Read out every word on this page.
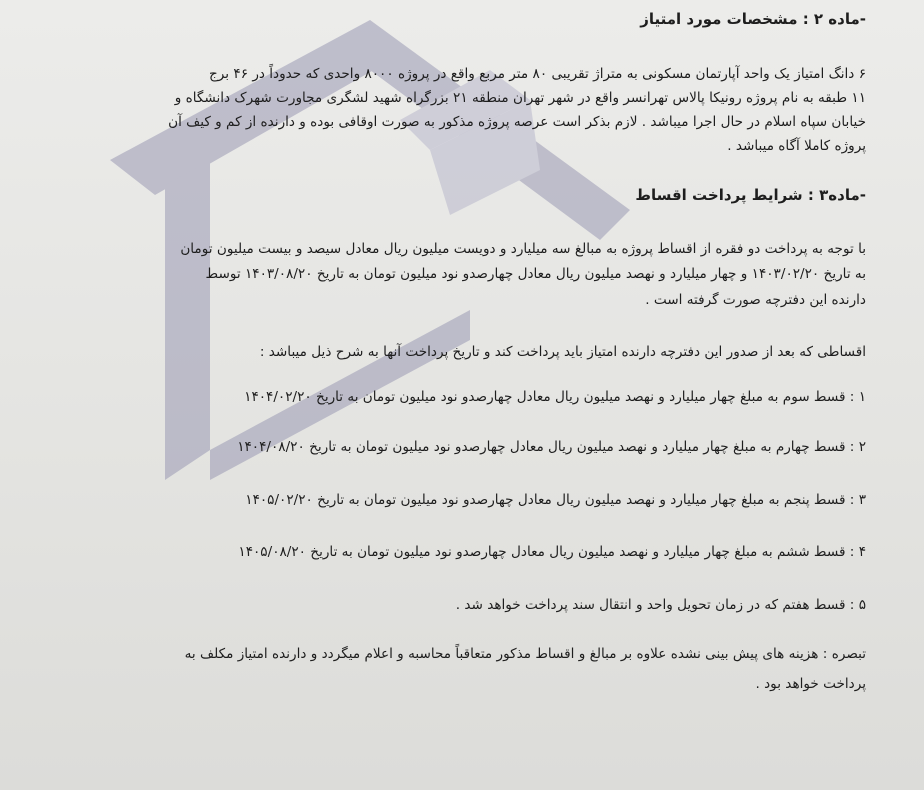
-ماده ۲ : مشخصات مورد امتیاز
۶ دانگ امتیاز یک واحد آپارتمان مسکونی به متراژ تقریبی ۸۰ متر مربع واقع در پروژه ۸۰۰۰ واحدی که حدوداً در ۴۶ برج
۱۱ طبقه به نام پروژه رونیکا پالاس تهرانسر واقع در شهر تهران منطقه ۲۱ بزرگراه شهید لشگری مجاورت شهرک دانشگاه و
خیابان سپاه اسلام در حال اجرا میباشد . لازم بذکر است عرصه پروژه مذکور به صورت اوقافی بوده و دارنده از کم و کیف آن
پروژه کاملا آگاه میباشد .
-ماده۳ : شرایط پرداخت اقساط
با توجه به پرداخت دو فقره از اقساط پروژه به مبالغ سه میلیارد و دویست میلیون ریال معادل سیصد و بیست میلیون تومان
به تاریخ ۱۴۰۳/۰۲/۲۰ و چهار میلیارد و نهصد میلیون ریال معادل چهارصدو نود میلیون تومان به تاریخ ۱۴۰۳/۰۸/۲۰ توسط
دارنده این دفترچه صورت گرفته است .
اقساطی که بعد از صدور این دفترچه دارنده امتیاز باید پرداخت کند و تاریخ پرداخت آنها به شرح ذیل میباشد :
۱ : قسط سوم به مبلغ چهار میلیارد و نهصد میلیون ریال معادل چهارصدو نود میلیون تومان به تاریخ ۱۴۰۴/۰۲/۲۰
۲ : قسط چهارم به مبلغ چهار میلیارد و نهصد میلیون ریال معادل چهارصدو نود میلیون تومان به تاریخ ۱۴۰۴/۰۸/۲۰
۳ : قسط پنجم به مبلغ چهار میلیارد و نهصد میلیون ریال معادل چهارصدو نود میلیون تومان به تاریخ ۱۴۰۵/۰۲/۲۰
۴ : قسط ششم به مبلغ چهار میلیارد و نهصد میلیون ریال معادل چهارصدو نود میلیون تومان به تاریخ ۱۴۰۵/۰۸/۲۰
۵ : قسط هفتم که در زمان تحویل واحد و انتقال سند پرداخت خواهد شد .
تبصره : هزینه های پیش بینی نشده علاوه بر مبالغ و اقساط مذکور متعاقباً محاسبه و اعلام میگردد و دارنده امتیاز مکلف به
پرداخت خواهد بود .
